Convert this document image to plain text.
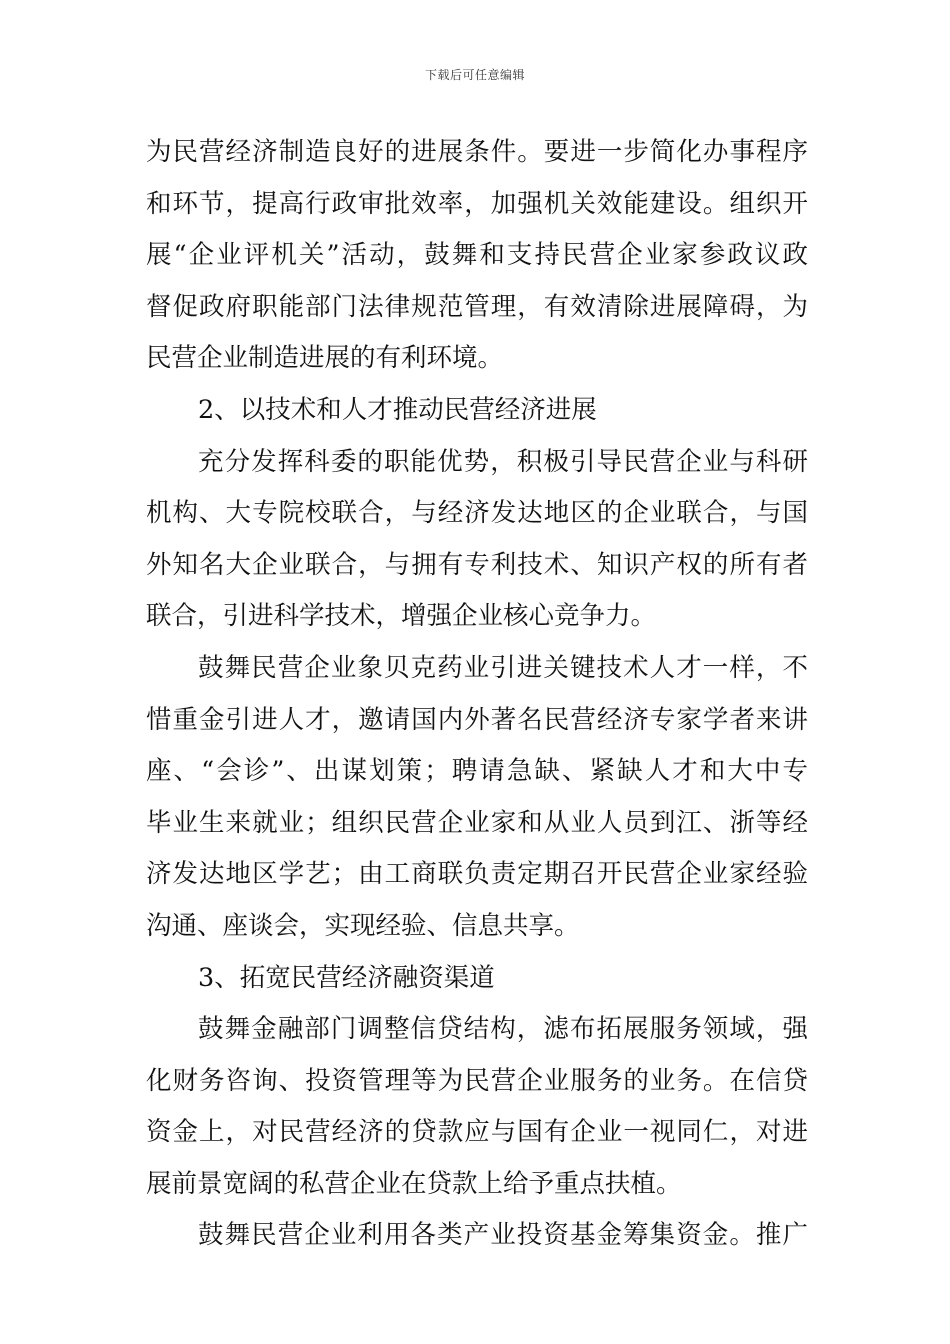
下载后可任意编辑
为民营经济制造良好的进展条件。要进一步简化办事程序
和环节，提高行政审批效率，加强机关效能建设。组织开
展“企业评机关”活动，鼓舞和支持民营企业家参政议政
督促政府职能部门法律规范管理，有效清除进展障碍，为
民营企业制造进展的有利环境。
2、以技术和人才推动民营经济进展
充分发挥科委的职能优势，积极引导民营企业与科研
机构、大专院校联合，与经济发达地区的企业联合，与国
外知名大企业联合，与拥有专利技术、知识产权的所有者
联合，引进科学技术，增强企业核心竞争力。
鼓舞民营企业象贝克药业引进关键技术人才一样，不
惜重金引进人才，邀请国内外著名民营经济专家学者来讲
座、“会诊”、出谋划策；聘请急缺、紧缺人才和大中专
毕业生来就业；组织民营企业家和从业人员到江、浙等经
济发达地区学艺；由工商联负责定期召开民营企业家经验
沟通、座谈会，实现经验、信息共享。
3、拓宽民营经济融资渠道
鼓舞金融部门调整信贷结构，滤布拓展服务领域，强
化财务咨询、投资管理等为民营企业服务的业务。在信贷
资金上，对民营经济的贷款应与国有企业一视同仁，对进
展前景宽阔的私营企业在贷款上给予重点扶植。
鼓舞民营企业利用各类产业投资基金筹集资金。推广
